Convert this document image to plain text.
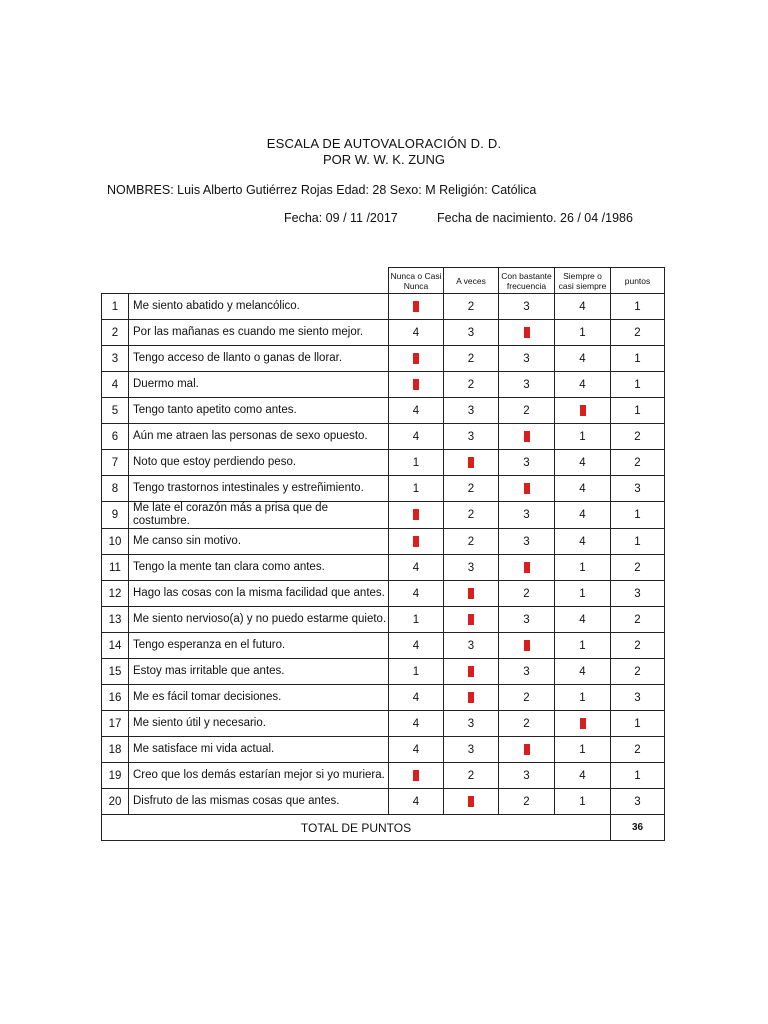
ESCALA DE AUTOVALORACIÓN D. D.
POR W. W. K. ZUNG
NOMBRES: Luis Alberto Gutiérrez Rojas Edad: 28 Sexo: M Religión: Católica
Fecha: 09 / 11 /2017	Fecha de nacimiento. 26 / 04 /1986
		Nunca o Casi Nunca	A veces	Con bastante frecuencia	Siempre o casi siempre	puntos
1	Me siento abatido y melancólico.	1	2	3	4	1
2	Por las mañanas es cuando me siento mejor.	4	3	2	1	2
3	Tengo acceso de llanto o ganas de llorar.	1	2	3	4	1
4	Duermo mal.	1	2	3	4	1
5	Tengo tanto apetito como antes.	4	3	2	1	1
6	Aún me atraen las personas de sexo opuesto.	4	3	2	1	2
7	Noto que estoy perdiendo peso.	1	2	3	4	2
8	Tengo trastornos intestinales y estreñimiento.	1	2	3	4	3
9	Me late el corazón más a prisa que de costumbre.	1	2	3	4	1
10	Me canso sin motivo.	1	2	3	4	1
11	Tengo la mente tan clara como antes.	4	3	2	1	2
12	Hago las cosas con la misma facilidad que antes.	4	3	2	1	3
13	Me siento nervioso(a) y no puedo estarme quieto.	1	2	3	4	2
14	Tengo esperanza en el futuro.	4	3	2	1	2
15	Estoy mas irritable que antes.	1	2	3	4	2
16	Me es fácil tomar decisiones.	4	3	2	1	3
17	Me siento útil y necesario.	4	3	2	1	1
18	Me satisface mi vida actual.	4	3	2	1	2
19	Creo que los demás estarían mejor si yo muriera.	1	2	3	4	1
20	Disfruto de las mismas cosas que antes.	4	3	2	1	3
TOTAL DE PUNTOS						36
